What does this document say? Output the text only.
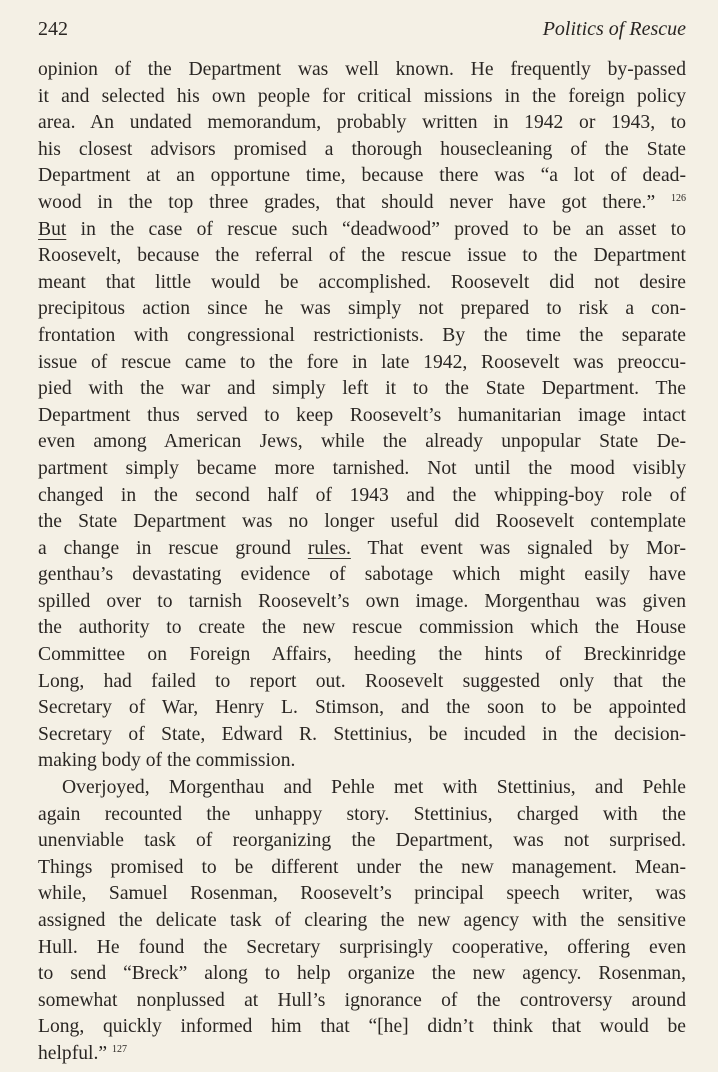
242	Politics of Rescue
opinion of the Department was well known. He frequently by-passed
it and selected his own people for critical missions in the foreign policy
area. An undated memorandum, probably written in 1942 or 1943, to
his closest advisors promised a thorough housecleaning of the State
Department at an opportune time, because there was “a lot of dead-
wood in the top three grades, that should never have got there.” $^{126}$
But in the case of rescue such “deadwood” proved to be an asset to
Roosevelt, because the referral of the rescue issue to the Department
meant that little would be accomplished. Roosevelt did not desire
precipitous action since he was simply not prepared to risk a con-
frontation with congressional restrictionists. By the time the separate
issue of rescue came to the fore in late 1942, Roosevelt was preoccu-
pied with the war and simply left it to the State Department. The
Department thus served to keep Roosevelt’s humanitarian image intact
even among American Jews, while the already unpopular State De-
partment simply became more tarnished. Not until the mood visibly
changed in the second half of 1943 and the whipping-boy role of
the State Department was no longer useful did Roosevelt contemplate
a change in rescue ground rules. That event was signaled by Mor-
genthau’s devastating evidence of sabotage which might easily have
spilled over to tarnish Roosevelt’s own image. Morgenthau was given
the authority to create the new rescue commission which the House
Committee on Foreign Affairs, heeding the hints of Breckinridge
Long, had failed to report out. Roosevelt suggested only that the
Secretary of War, Henry L. Stimson, and the soon to be appointed
Secretary of State, Edward R. Stettinius, be incuded in the decision-
making body of the commission.
Overjoyed, Morgenthau and Pehle met with Stettinius, and Pehle
again recounted the unhappy story. Stettinius, charged with the
unenviable task of reorganizing the Department, was not surprised.
Things promised to be different under the new management. Mean-
while, Samuel Rosenman, Roosevelt’s principal speech writer, was
assigned the delicate task of clearing the new agency with the sensitive
Hull. He found the Secretary surprisingly cooperative, offering even
to send “Breck” along to help organize the new agency. Rosenman,
somewhat nonplussed at Hull’s ignorance of the controversy around
Long, quickly informed him that “[he] didn’t think that would be
helpful.” $^{127}$
